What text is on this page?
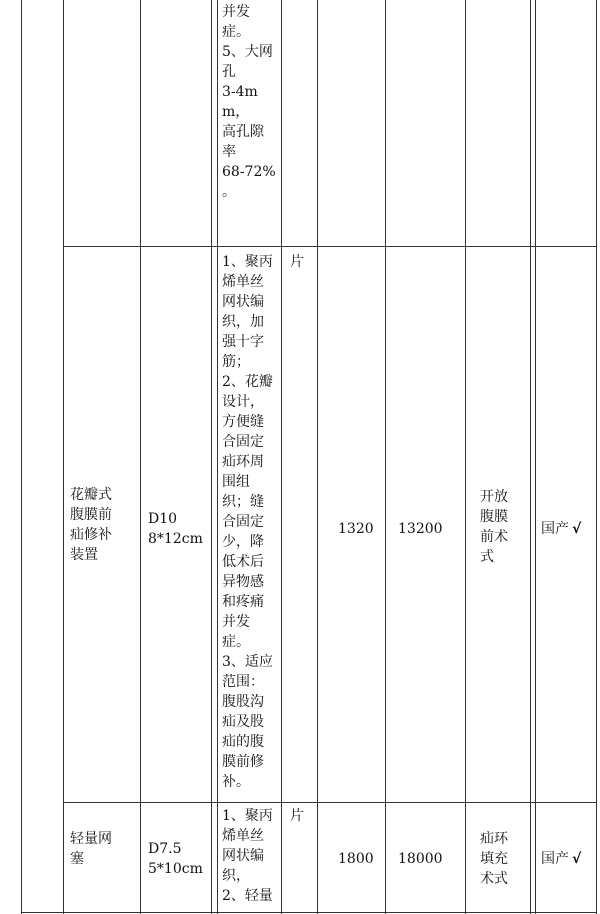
并发
症。
5、大网
孔
3-4mm，
高孔隙
率
68-72%
。
花瓣式
腹膜前
疝修补
装置
D10
8*12cm
1、聚丙
烯单丝
网状编
织，加
强十字
筋；
2、花瓣
设计，
方便缝
合固定
疝环周
围组
织；缝
合固定
少，降
低术后
异物感
和疼痛
并发
症。
3、适应
范围：
腹股沟
疝及股
疝的腹
膜前修
补。
片
1320 13200
开放
腹膜
前术
式
国产 √
轻量网
塞
D7.5
5*10cm
1、聚丙
烯单丝
网状编
织，
2、轻量
片
1800 18000
疝环
填充
术式
国产 √
